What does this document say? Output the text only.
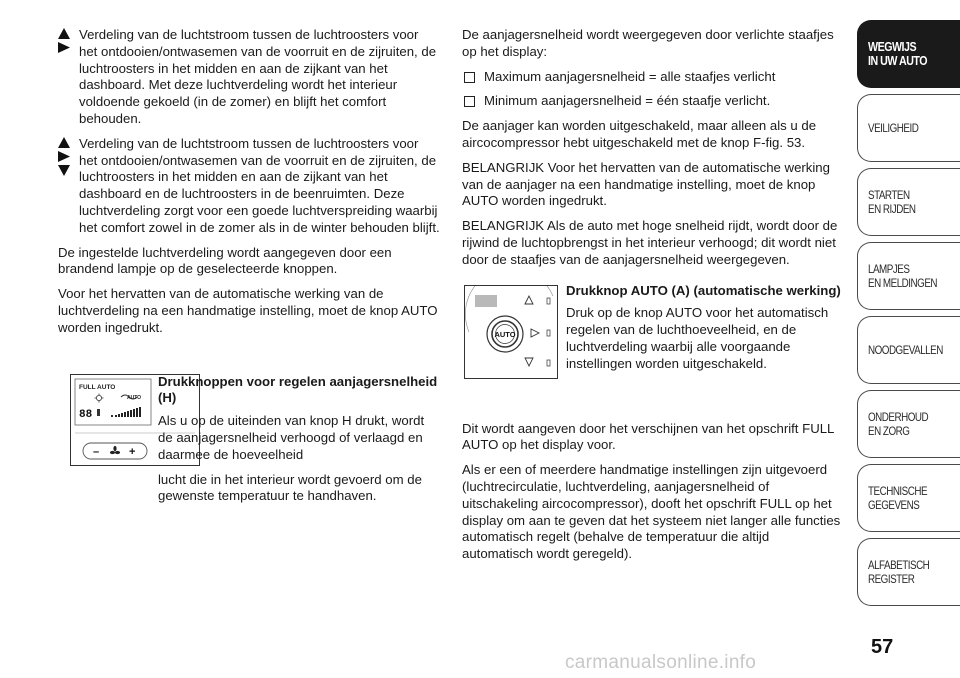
Verdeling van de luchtstroom tussen de luchtroosters voor het ontdooien/ontwasemen van de voorruit en de zijruiten, de luchtroosters in het midden en aan de zijkant van het dashboard. Met deze luchtverdeling wordt het interieur voldoende gekoeld (in de zomer) en blijft het comfort behouden.

Verdeling van de luchtstroom tussen de luchtroosters voor het ontdooien/ontwasemen van de voorruit en de zijruiten, de luchtroosters in het midden en aan de zijkant van het dashboard en de luchtroosters in de beenruimten. Deze luchtverdeling zorgt voor een goede luchtverspreiding waarbij het comfort zowel in de zomer als in de winter behouden blijft.

De ingestelde luchtverdeling wordt aangegeven door een brandend lampje op de geselecteerde knoppen.

Voor het hervatten van de automatische werking van de luchtverdeling na een handmatige instelling, moet de knop AUTO worden ingedrukt.

FULL AUTO
88
AUTO
–	+

Drukknoppen voor regelen aanjagersnelheid (H)

Als u op de uiteinden van knop H drukt, wordt de aanjagersnelheid verhoogd of verlaagd en daarmee de hoeveelheid

lucht die in het interieur wordt gevoerd om de gewenste temperatuur te handhaven.

De aanjagersnelheid wordt weergegeven door verlichte staafjes op het display:

Maximum aanjagersnelheid = alle staafjes verlicht

Minimum aanjagersnelheid = één staafje verlicht.

De aanjager kan worden uitgeschakeld, maar alleen als u de aircocompressor hebt uitgeschakeld met de knop F-fig. 53.

BELANGRIJK Voor het hervatten van de automatische werking van de aanjager na een handmatige instelling, moet de knop AUTO worden ingedrukt.

BELANGRIJK Als de auto met hoge snelheid rijdt, wordt door de rijwind de luchtopbrengst in het interieur verhoogd; dit wordt niet door de staafjes van de aanjagersnelheid weergegeven.

AUTO

Drukknop AUTO (A) (automatische werking)

Druk op de knop AUTO voor het automatisch regelen van de luchthoeveelheid, en de luchtverdeling waarbij alle voorgaande instellingen worden uitgeschakeld.

Dit wordt aangeven door het verschijnen van het opschrift FULL AUTO op het display voor.

Als er een of meerdere handmatige instellingen zijn uitgevoerd (luchtrecirculatie, luchtverdeling, aanjagersnelheid of uitschakeling aircocompressor), dooft het opschrift FULL op het display om aan te geven dat het systeem niet langer alle functies automatisch regelt (behalve de temperatuur die altijd automatisch wordt geregeld).

WEGWIJS
IN UW AUTO
VEILIGHEID
STARTEN
EN RIJDEN
LAMPJES
EN MELDINGEN
NOODGEVALLEN
ONDERHOUD
EN ZORG
TECHNISCHE
GEGEVENS
ALFABETISCH
REGISTER
57
carmanualsonline.info
